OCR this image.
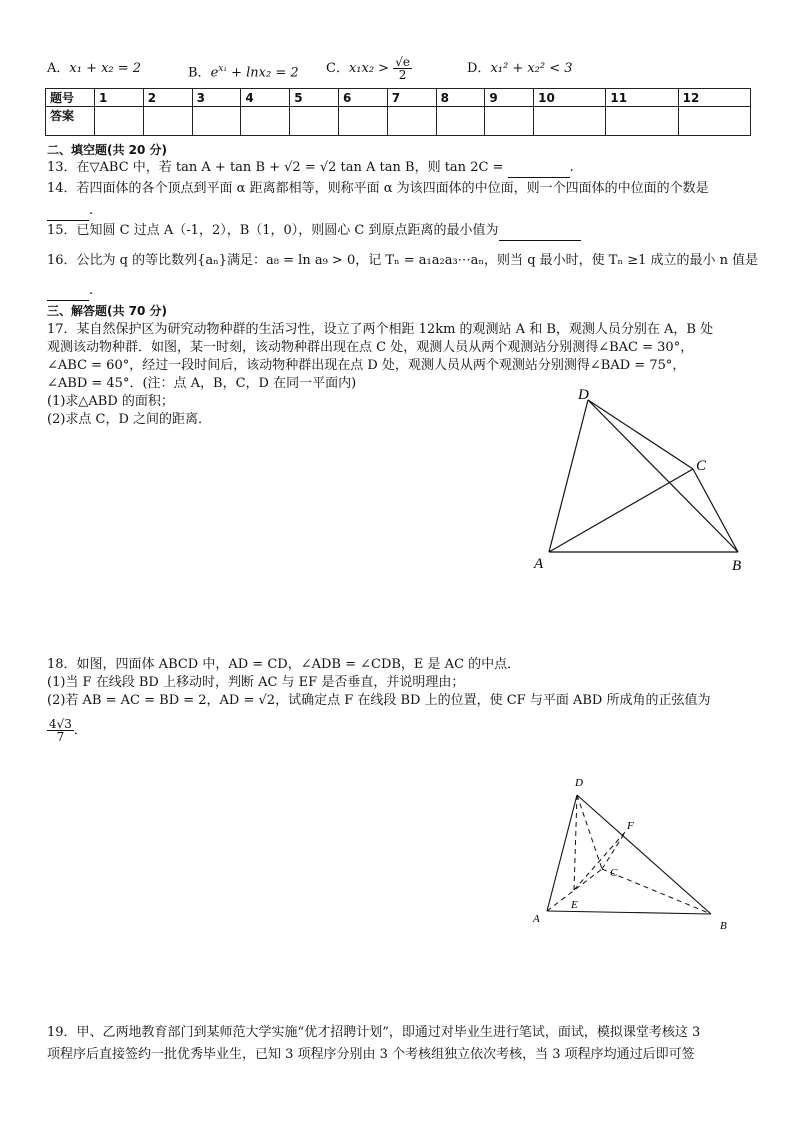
A．x₁ + x₂ = 2	B．$e^{x_1} + \ln x_2 = 2$ C．$x_1x_2 > \frac{√e}{2}$	D．x₁² + x₂² < 3
题号	1	2	3	4	5	6	7	8	9	10	11	12
答案												
二、填空题(共 20 分)
13．在▽ABC 中，若 tan A + tan B + √2 = √2 tan A tan B，则 tan 2C =	.
14．若四面体的各个顶点到平面 α 距离都相等，则称平面 α 为该四面体的中位面，则一个四面体的中位面的个数是
.
15．已知圆 C 过点 A（-1，2），B（1，0），则圆心 C 到原点距离的最小值为
16．公比为 q 的等比数列{aₙ}满足：a₈ = ln a₉ > 0，记 Tₙ = a₁a₂a₃⋯aₙ，则当 q 最小时，使 Tₙ ≥1 成立的最小 n 值是
.
三、解答题(共 70 分)
17．某自然保护区为研究动物种群的生活习性，设立了两个相距 12km 的观测站 A 和 B，观测人员分别在 A，B 处
观测该动物种群．如图，某一时刻，该动物种群出现在点 C 处，观测人员从两个观测站分别测得∠BAC = 30°，
∠ABC = 60°，经过一段时间后，该动物种群出现在点 D 处，观测人员从两个观测站分别测得∠BAD = 75°，
∠ABD = 45°．(注：点 A，B，C，D 在同一平面内)
(1)求△ABD 的面积；
(2)求点 C，D 之间的距离．
D
C
A	B
18．如图，四面体 ABCD 中，AD = CD，∠ADB = ∠CDB，E 是 AC 的中点．
(1)当 F 在线段 BD 上移动时，判断 AC 与 EF 是否垂直，并说明理由；
(2)若 AB = AC = BD = 2，AD = √2，试确定点 F 在线段 BD 上的位置，使 CF 与平面 ABD 所成角的正弦值为
$\frac{4√3}{7}$ ．
D
F
C
E
A
B
19．甲、乙两地教育部门到某师范大学实施“优才招聘计划”，即通过对毕业生进行笔试，面试，模拟课堂考核这 3
项程序后直接签约一批优秀毕业生，已知 3 项程序分别由 3 个考核组独立依次考核，当 3 项程序均通过后即可签
